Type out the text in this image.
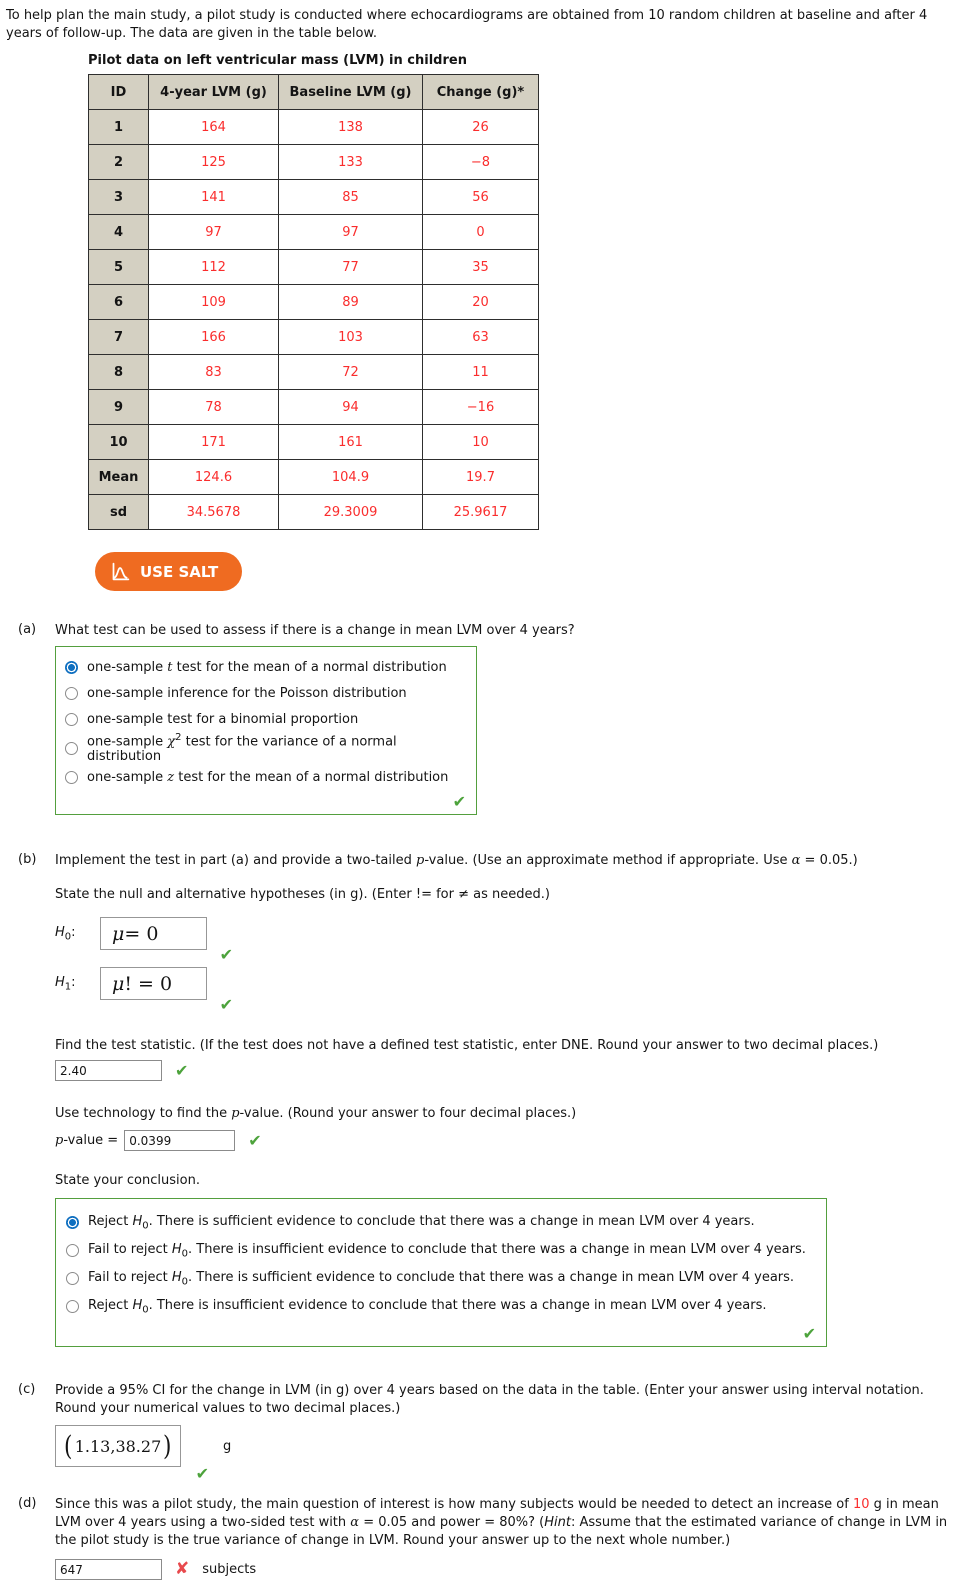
To help plan the main study, a pilot study is conducted where echocardiograms are obtained from 10 random children at baseline and after 4 years of follow-up. The data are given in the table below.

Pilot data on left ventricular mass (LVM) in children
ID	4-year LVM (g)	Baseline LVM (g)	Change (g)*
1	164	138	26
2	125	133	−8
3	141	85	56
4	97	97	0
5	112	77	35
6	109	89	20
7	166	103	63
8	83	72	11
9	78	94	−16
10	171	161	10
Mean	124.6	104.9	19.7
sd	34.5678	29.3009	25.9617
USE SALT
(a)	What test can be used to assess if there is a change in mean LVM over 4 years?

one-sample t test for the mean of a normal distribution
one-sample inference for the Poisson distribution
one-sample test for a binomial proportion
one-sample $\chi^2$ test for the variance of a normal distribution
one-sample z test for the mean of a normal distribution
✔
(b)	Implement the test in part (a) and provide a two-tailed p-value. (Use an approximate method if appropriate. Use α = 0.05.)

State the null and alternative hypotheses (in g). (Enter != for ≠ as needed.)

$H_0$:	μ = 0
✔
$H_1$:	μ ! = 0
✔

Find the test statistic. (If the test does not have a defined test statistic, enter DNE. Round your answer to two decimal places.)

2.40
✔

Use technology to find the p-value. (Round your answer to four decimal places.)

p-value =
0.0399	✔

State your conclusion.

Reject $H_0$. There is sufficient evidence to conclude that there was a change in mean LVM over 4 years.
Fail to reject $H_0$. There is insufficient evidence to conclude that there was a change in mean LVM over 4 years.
Fail to reject $H_0$. There is sufficient evidence to conclude that there was a change in mean LVM over 4 years.
Reject $H_0$. There is insufficient evidence to conclude that there was a change in mean LVM over 4 years.
✔
(c)	Provide a 95% CI for the change in LVM (in g) over 4 years based on the data in the table. (Enter your answer using interval notation. Round your numerical values to two decimal places.)

( 1.13,38.27 )
✔
g
(d)	Since this was a pilot study, the main question of interest is how many subjects would be needed to detect an increase of 10 g in mean LVM over 4 years using a two-sided test with α = 0.05 and power = 80%? (Hint: Assume that the estimated variance of change in LVM in the pilot study is the true variance of change in LVM. Round your answer up to the next whole number.)

647
✘ subjects
